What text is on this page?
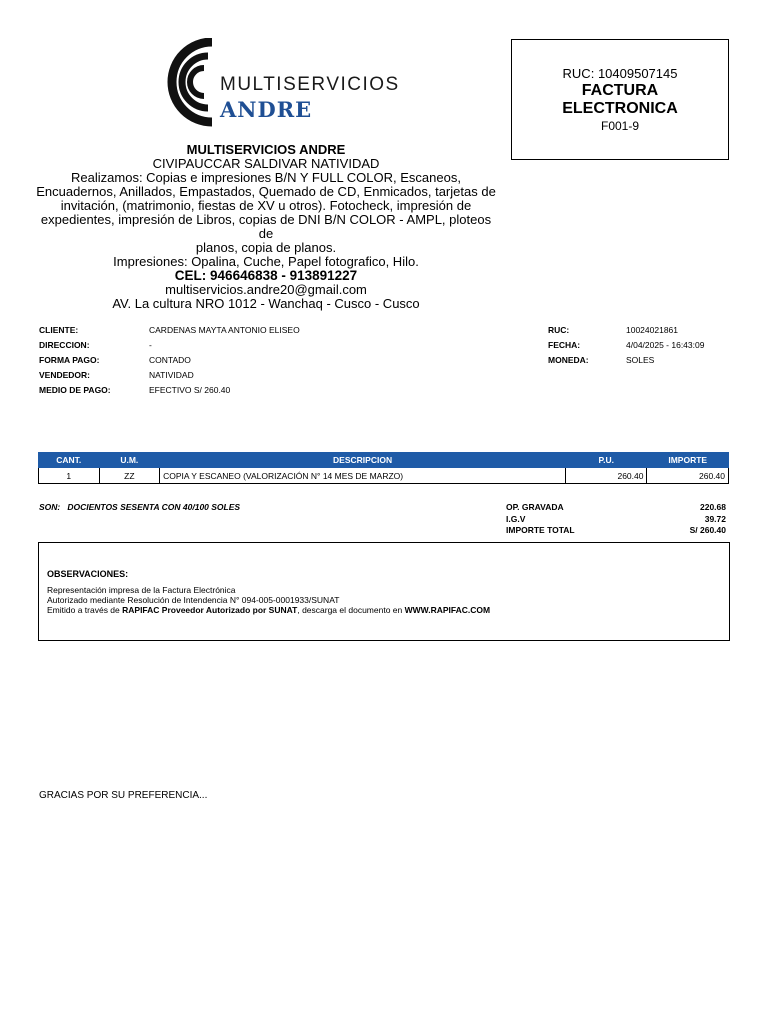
MULTISERVICIOS
ANDRE
RUC: 10409507145
FACTURA
ELECTRONICA
F001-9
MULTISERVICIOS ANDRE
CIVIPAUCCAR SALDIVAR NATIVIDAD
Realizamos: Copias e impresiones B/N Y FULL COLOR, Escaneos,
Encuadernos, Anillados, Empastados, Quemado de CD, Enmicados, tarjetas de
invitación, (matrimonio, fiestas de XV u otros). Fotocheck, impresión de
expedientes, impresión de Libros, copias de DNI B/N COLOR - AMPL, ploteos de
planos, copia de planos.
Impresiones: Opalina, Cuche, Papel fotografico, Hilo.
CEL: 946646838 - 913891227
multiservicios.andre20@gmail.com
AV. La cultura NRO 1012 - Wanchaq - Cusco - Cusco
CLIENTE:	CARDENAS MAYTA ANTONIO ELISEO
DIRECCION:	-
FORMA PAGO:	CONTADO
VENDEDOR:	NATIVIDAD
MEDIO DE PAGO:	EFECTIVO S/ 260.40
RUC:	10024021861
FECHA:	4/04/2025 - 16:43:09
MONEDA:	SOLES
CANT.	U.M.	DESCRIPCION	P.U.	IMPORTE
1	ZZ	COPIA Y ESCANEO (VALORIZACIÓN N° 14 MES DE MARZO)	260.40	260.40
SON: DOCIENTOS SESENTA CON 40/100 SOLES	OP. GRAVADA	220.68
I.G.V	39.72
IMPORTE TOTAL	S/ 260.40
OBSERVACIONES:
Representación impresa de la Factura Electrónica
Autorizado mediante Resolución de Intendencia N° 094-005-0001933/SUNAT
Emitido a través de RAPIFAC Proveedor Autorizado por SUNAT, descarga el documento en WWW.RAPIFAC.COM
GRACIAS POR SU PREFERENCIA...
